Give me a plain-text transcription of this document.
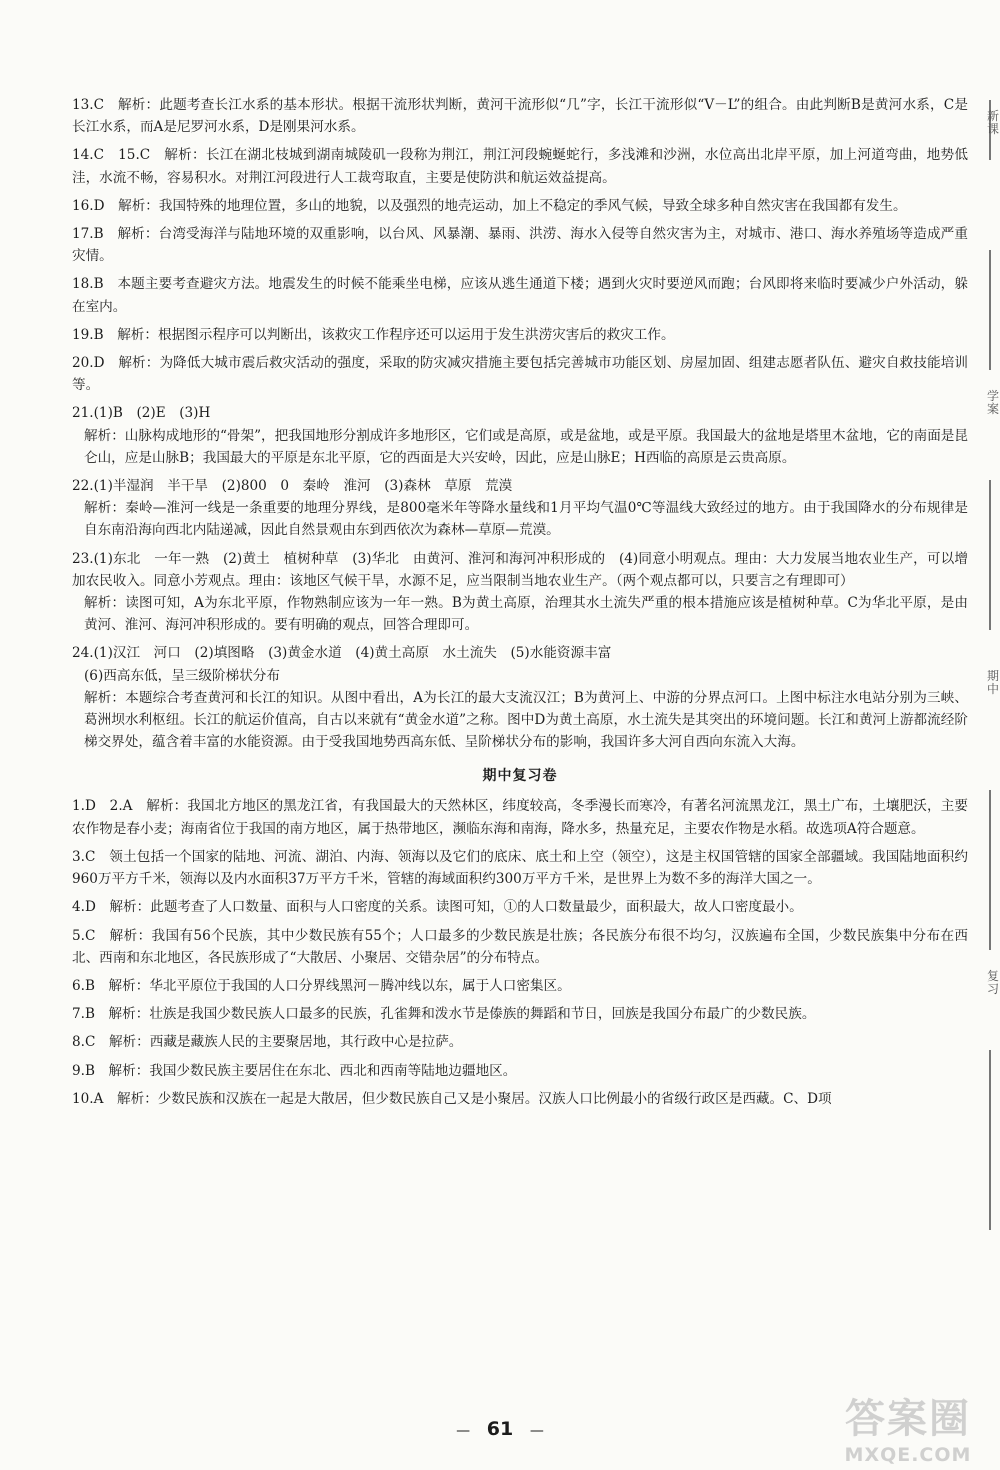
13.C　解析：此题考查长江水系的基本形状。根据干流形状判断，黄河干流形似“几”字，长江干流形似“V－L”的组合。由此判断B是黄河水系，C是长江水系，而A是尼罗河水系，D是刚果河水系。

14.C　15.C　解析：长江在湖北枝城到湖南城陵矶一段称为荆江，荆江河段蜿蜒蛇行，多浅滩和沙洲，水位高出北岸平原，加上河道弯曲，地势低洼，水流不畅，容易积水。对荆江河段进行人工裁弯取直，主要是使防洪和航运效益提高。

16.D　解析：我国特殊的地理位置，多山的地貌，以及强烈的地壳运动，加上不稳定的季风气候，导致全球多种自然灾害在我国都有发生。

17.B　解析：台湾受海洋与陆地环境的双重影响，以台风、风暴潮、暴雨、洪涝、海水入侵等自然灾害为主，对城市、港口、海水养殖场等造成严重灾情。

18.B　本题主要考查避灾方法。地震发生的时候不能乘坐电梯，应该从逃生通道下楼；遇到火灾时要逆风而跑；台风即将来临时要减少户外活动，躲在室内。

19.B　解析：根据图示程序可以判断出，该救灾工作程序还可以运用于发生洪涝灾害后的救灾工作。

20.D　解析：为降低大城市震后救灾活动的强度，采取的防灾减灾措施主要包括完善城市功能区划、房屋加固、组建志愿者队伍、避灾自救技能培训等。

21.(1)B　(2)E　(3)H

解析：山脉构成地形的“骨架”，把我国地形分割成许多地形区，它们或是高原，或是盆地，或是平原。我国最大的盆地是塔里木盆地，它的南面是昆仑山，应是山脉B；我国最大的平原是东北平原，它的西面是大兴安岭，因此，应是山脉E；H西临的高原是云贵高原。

22.(1)半湿润　半干旱　(2)800　0　秦岭　淮河　(3)森林　草原　荒漠

解析：秦岭—淮河一线是一条重要的地理分界线，是800毫米年等降水量线和1月平均气温0℃等温线大致经过的地方。由于我国降水的分布规律是自东南沿海向西北内陆递减，因此自然景观由东到西依次为森林—草原—荒漠。

23.(1)东北　一年一熟　(2)黄土　植树种草　(3)华北　由黄河、淮河和海河冲积形成的　(4)同意小明观点。理由：大力发展当地农业生产，可以增加农民收入。同意小芳观点。理由：该地区气候干旱，水源不足，应当限制当地农业生产。（两个观点都可以，只要言之有理即可）

解析：读图可知，A为东北平原，作物熟制应该为一年一熟。B为黄土高原，治理其水土流失严重的根本措施应该是植树种草。C为华北平原，是由黄河、淮河、海河冲积形成的。要有明确的观点，回答合理即可。

24.(1)汉江　河口　(2)填图略　(3)黄金水道　(4)黄土高原　水土流失　(5)水能资源丰富

(6)西高东低，呈三级阶梯状分布

解析：本题综合考查黄河和长江的知识。从图中看出，A为长江的最大支流汉江；B为黄河上、中游的分界点河口。上图中标注水电站分别为三峡、葛洲坝水利枢纽。长江的航运价值高，自古以来就有“黄金水道”之称。图中D为黄土高原，水土流失是其突出的环境问题。长江和黄河上游都流经阶梯交界处，蕴含着丰富的水能资源。由于受我国地势西高东低、呈阶梯状分布的影响，我国许多大河自西向东流入大海。

期中复习卷

1.D　2.A　解析：我国北方地区的黑龙江省，有我国最大的天然林区，纬度较高，冬季漫长而寒冷，有著名河流黑龙江，黑土广布，土壤肥沃，主要农作物是春小麦；海南省位于我国的南方地区，属于热带地区，濒临东海和南海，降水多，热量充足，主要农作物是水稻。故选项A符合题意。

3.C　领土包括一个国家的陆地、河流、湖泊、内海、领海以及它们的底床、底土和上空（领空），这是主权国管辖的国家全部疆域。我国陆地面积约960万平方千米，领海以及内水面积37万平方千米，管辖的海域面积约300万平方千米，是世界上为数不多的海洋大国之一。

4.D　解析：此题考查了人口数量、面积与人口密度的关系。读图可知，①的人口数量最少，面积最大，故人口密度最小。

5.C　解析：我国有56个民族，其中少数民族有55个；人口最多的少数民族是壮族；各民族分布很不均匀，汉族遍布全国，少数民族集中分布在西北、西南和东北地区，各民族形成了“大散居、小聚居、交错杂居”的分布特点。

6.B　解析：华北平原位于我国的人口分界线黑河－腾冲线以东，属于人口密集区。

7.B　解析：壮族是我国少数民族人口最多的民族，孔雀舞和泼水节是傣族的舞蹈和节日，回族是我国分布最广的少数民族。

8.C　解析：西藏是藏族人民的主要聚居地，其行政中心是拉萨。

9.B　解析：我国少数民族主要居住在东北、西北和西南等陆地边疆地区。

10.A　解析：少数民族和汉族在一起是大散居，但少数民族自己又是小聚居。汉族人口比例最小的省级行政区是西藏。C、D项

新课
学案
期中
复习
— 61 —	答案圈
MXQE.COM
